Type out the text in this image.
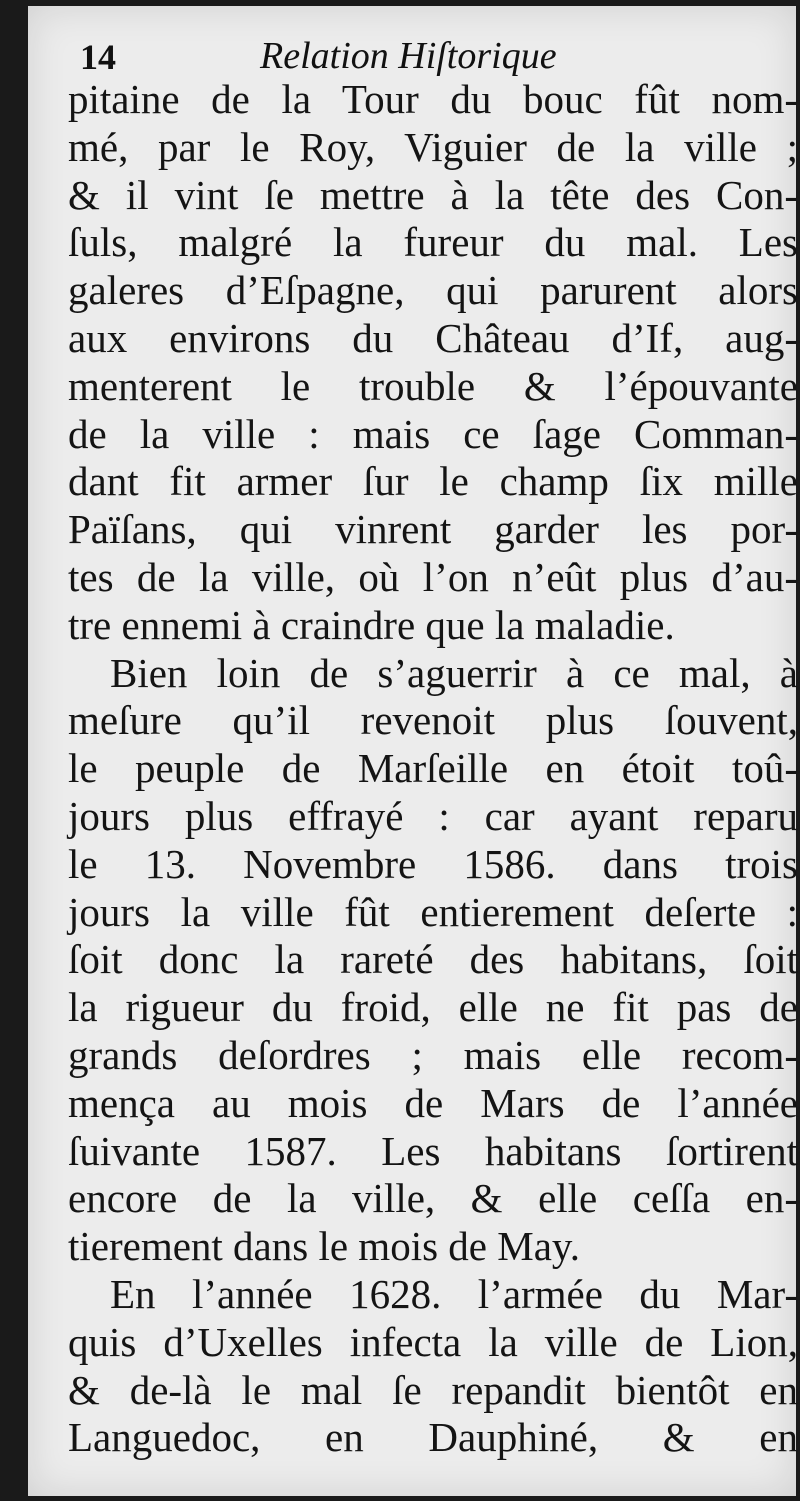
14	Relation Hiſtorique
pitaine de la Tour du bouc fût nom-
mé, par le Roy, Viguier de la ville ;
& il vint ſe mettre à la tête des Con-
ſuls, malgré la fureur du mal. Les
galeres d’Eſpagne, qui parurent alors
aux environs du Château d’If, aug-
menterent le trouble & l’épouvante
de la ville : mais ce ſage Comman-
dant fit armer ſur le champ ſix mille
Païſans, qui vinrent garder les por-
tes de la ville, où l’on n’eût plus d’au-
tre ennemi à craindre que la maladie.
Bien loin de s’aguerrir à ce mal, à
meſure qu’il revenoit plus ſouvent,
le peuple de Marſeille en étoit toû-
jours plus effrayé : car ayant reparu
le 13. Novembre 1586. dans trois
jours la ville fût entierement deſerte :
ſoit donc la rareté des habitans, ſoit
la rigueur du froid, elle ne fit pas de
grands deſordres ; mais elle recom-
mença au mois de Mars de l’année
ſuivante 1587. Les habitans ſortirent
encore de la ville, & elle ceſſa en-
tierement dans le mois de May.
En l’année 1628. l’armée du Mar-
quis d’Uxelles infecta la ville de Lion,
& de-là le mal ſe repandit bientôt en
Languedoc, en Dauphiné, & en
